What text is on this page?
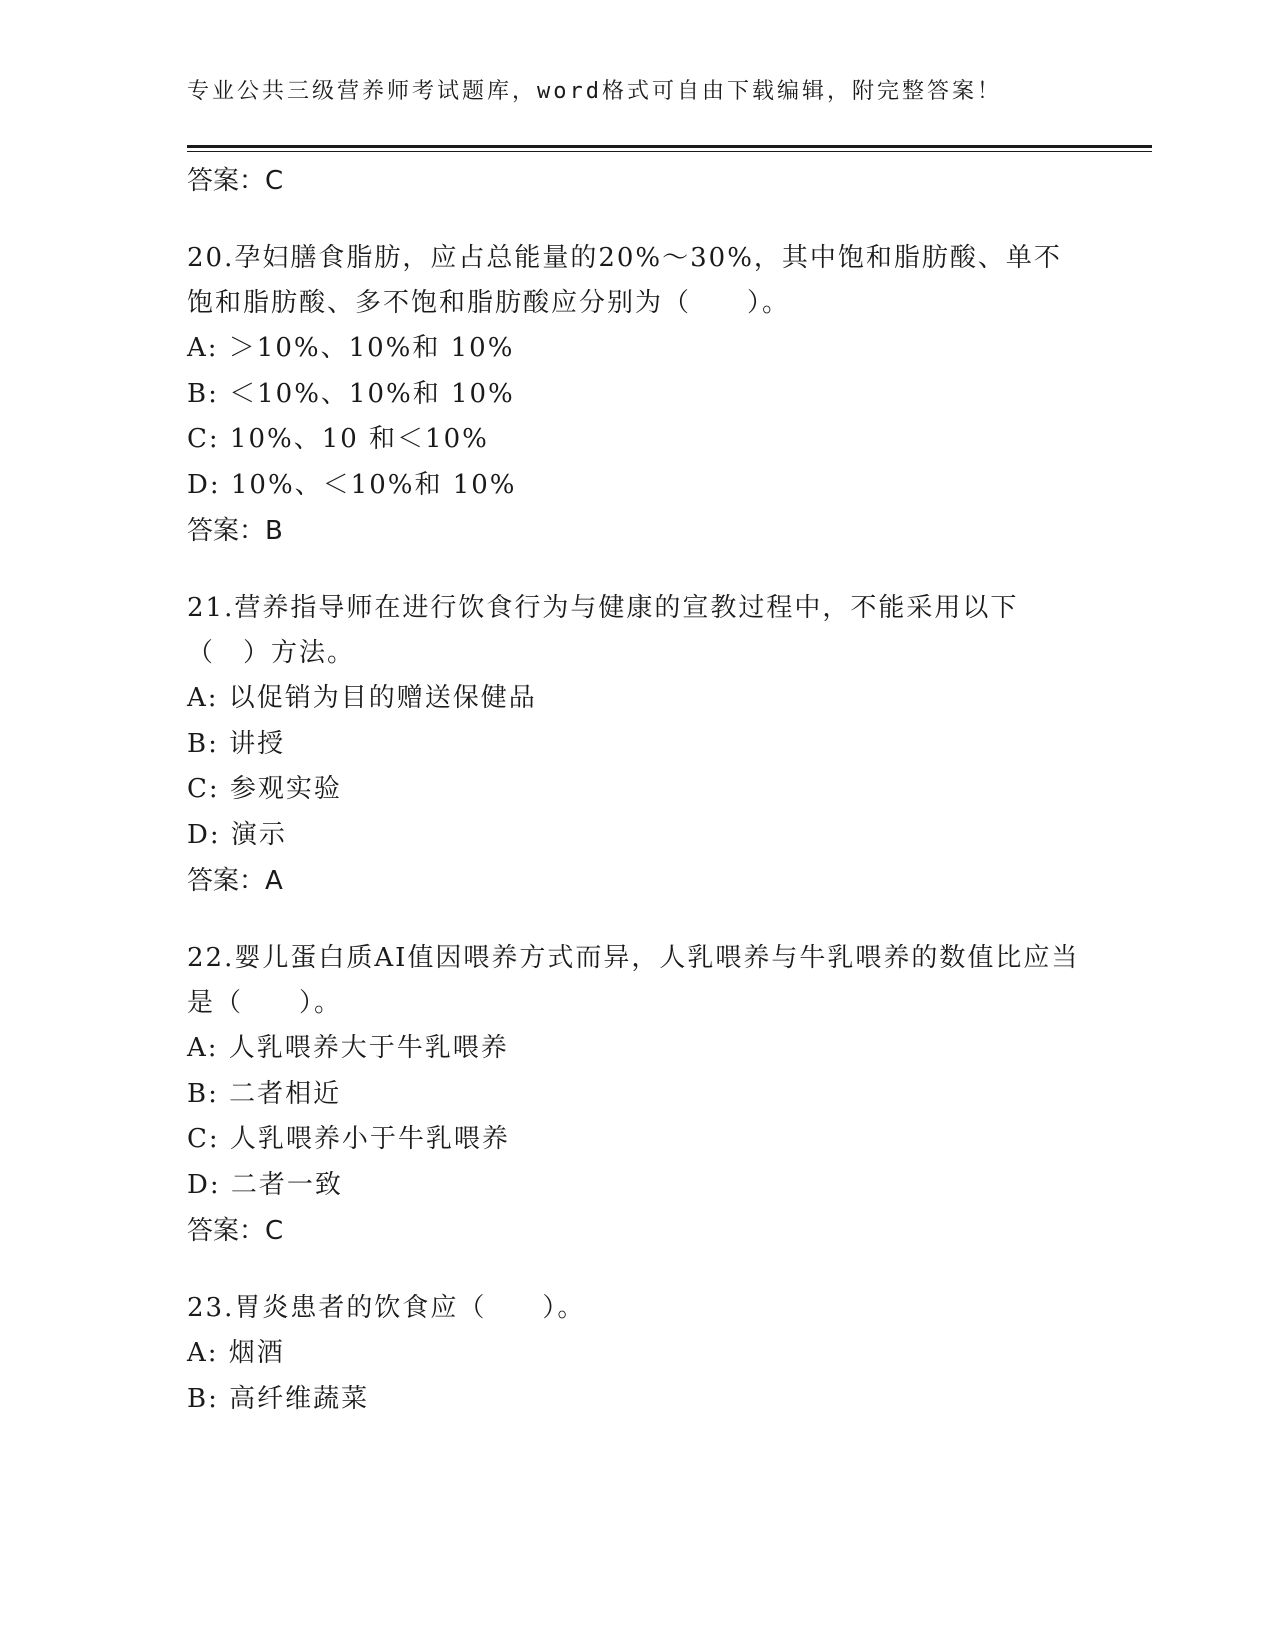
专业公共三级营养师考试题库，word格式可自由下载编辑，附完整答案！
答案：C
20.孕妇膳食脂肪，应占总能量的20%～30%，其中饱和脂肪酸、单不饱和脂肪酸、多不饱和脂肪酸应分别为（　　）。
A: ＞10%、10%和 10%
B: ＜10%、10%和 10%
C: 10%、10 和＜10%
D: 10%、＜10%和 10%
答案：B
21.营养指导师在进行饮食行为与健康的宣教过程中，不能采用以下（　）方法。
A: 以促销为目的赠送保健品
B: 讲授
C: 参观实验
D: 演示
答案：A
22.婴儿蛋白质AI值因喂养方式而异，人乳喂养与牛乳喂养的数值比应当是（　　）。
A: 人乳喂养大于牛乳喂养
B: 二者相近
C: 人乳喂养小于牛乳喂养
D: 二者一致
答案：C
23.胃炎患者的饮食应（　　）。
A: 烟酒
B: 高纤维蔬菜
